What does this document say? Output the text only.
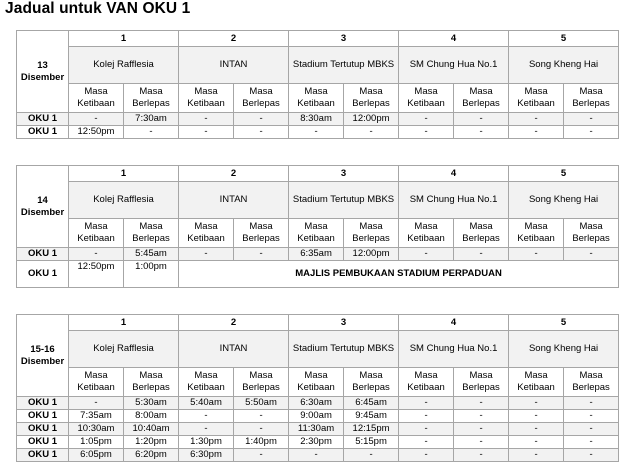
Jadual untuk VAN OKU 1
13
Disember	1		2		3		4		5	
	Kolej Rafflesia		INTAN		Stadium Tertutup MBKS		SM Chung Hua No.1		Song Kheng Hai	
	Masa Ketibaan	Masa Berlepas	Masa Ketibaan	Masa Berlepas	Masa Ketibaan	Masa Berlepas	Masa Ketibaan	Masa Berlepas	Masa Ketibaan	Masa Berlepas
OKU 1	-	7:30am	-	-	8:30am	12:00pm	-	-	-	-
OKU 1	12:50pm	-	-	-	-	-	-	-	-	-
14
Disember	1		2		3		4		5	
	Kolej Rafflesia		INTAN		Stadium Tertutup MBKS		SM Chung Hua No.1		Song Kheng Hai	
	Masa Ketibaan	Masa Berlepas	Masa Ketibaan	Masa Berlepas	Masa Ketibaan	Masa Berlepas	Masa Ketibaan	Masa Berlepas	Masa Ketibaan	Masa Berlepas
OKU 1	-	5:45am	-	-	6:35am	12:00pm	-	-	-	-
OKU 1	12:50pm	1:00pm	MAJLIS PEMBUKAAN STADIUM PERPADUAN							
15-16
Disember	1		2		3		4		5	
	Kolej Rafflesia		INTAN		Stadium Tertutup MBKS		SM Chung Hua No.1		Song Kheng Hai	
	Masa Ketibaan	Masa Berlepas	Masa Ketibaan	Masa Berlepas	Masa Ketibaan	Masa Berlepas	Masa Ketibaan	Masa Berlepas	Masa Ketibaan	Masa Berlepas
OKU 1	-	5:30am	5:40am	5:50am	6:30am	6:45am	-	-	-	-
OKU 1	7:35am	8:00am	-	-	9:00am	9:45am	-	-	-	-
OKU 1	10:30am	10:40am	-	-	11:30am	12:15pm	-	-	-	-
OKU 1	1:05pm	1:20pm	1:30pm	1:40pm	2:30pm	5:15pm	-	-	-	-
OKU 1	6:05pm	6:20pm	6:30pm	-	-	-	-	-	-	-
